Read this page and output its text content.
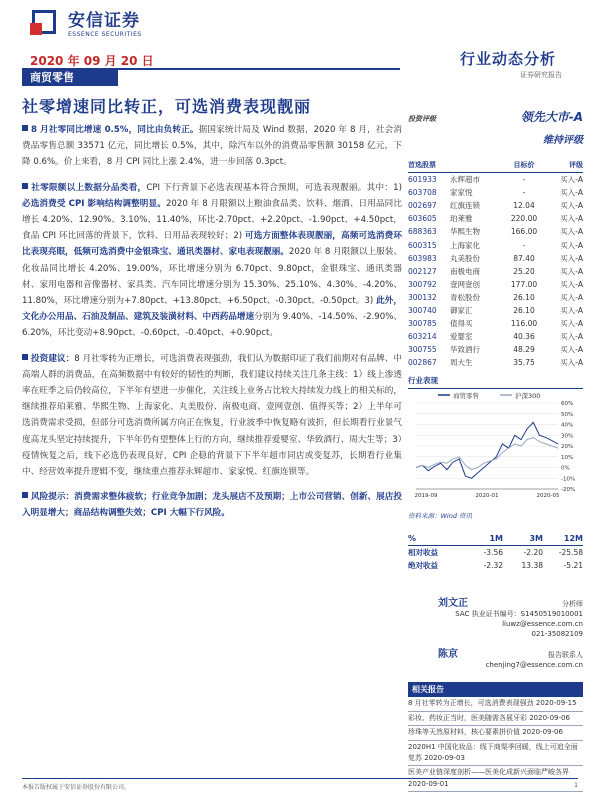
安信证券
ESSENCE SECURITIES
2020 年 09 月 20 日
商贸零售
行业动态分析
证券研究报告
社零增速同比转正，可选消费表现靓丽
8 月社零同比增速 0.5%，同比由负转正。据国家统计局及 Wind 数据，2020 年 8 月，社会消费品零售总额 33571 亿元，同比增长 0.5%，其中，除汽车以外的消费品零售额 30158 亿元，下降 0.6%。价上来看，8 月 CPI 同比上涨 2.4%，进一步回落 0.3pct。
社零限额以上数据分品类看，CPI 下行背景下必选表现基本符合预期，可选表现靓丽。其中：1) 必选消费受 CPI 影响结构调整明显。2020 年 8 月限额以上粮油食品类、饮料、烟酒、日用品同比增长 4.20%、12.90%、3.10%、11.40%，环比-2.70pct、+2.20pct、-1.90pct、+4.50pct，食品 CPI 环比回落的背景下，饮料、日用品表现较好；2) 可选方面整体表现靓丽，高频可选消费环比表现亮眼，低频可选消费中金银珠宝、通讯类器材、家电表现靓丽。2020 年 8 月限额以上服装、化妆品同比增长 4.20%、19.00%，环比增速分别为 6.70pct、9.80pct，金银珠宝、通讯类器材、家用电器和音像器材、家具类、汽车同比增速分别为 15.30%、25.10%、4.30%、-4.20%、11.80%，环比增速分别为+7.80pct、+13.80pct、+6.50pct、-0.30pct、-0.50pct。3) 此外，文化办公用品、石油及制品、建筑及装潢材料、中西药品增速分别为 9.40%、-14.50%、-2.90%、6.20%，环比变动+8.90pct、-0.60pct、-0.40pct、+0.90pct。
投资建议：8 月社零转为正增长，可选消费表现强劲，我们认为数据印证了我们前期对有品牌、中高端人群的消费品，在高频数据中有较好的韧性的判断，我们建议持续关注几条主线：1）线上渗透率在旺季之后仍较高位，下半年有望进一步催化，关注线上业务占比较大持续发力线上的相关标的，继续推荐珀莱雅、华熙生物、上海家化、丸美股份、南极电商、壹网壹创、值得买等；2）上半年可选消费需求受损，但部分可选消费所属方向正在恢复，行业波季中恢复略有波折，但长期看行业景气度高龙头坚定持续提升，下半年仍有望整体上行的方向，继续推荐爱婴室、华致酒行、周大生等；3）疫情恢复之后，线下必选仍表现良好，CPI 企稳的背景下下半年超市同店或变复苏，长期看行业集中、经营效率提升逻辑不变，继续重点推荐永辉超市、家家悦、红旗连锁等。
风险提示：消费需求整体疲软；行业竞争加剧；龙头展店不及预期；上市公司营销、创新、展店投入明显增大；商品结构调整失效；CPI 大幅下行风险。
投资评级	领先大市-A
维持评级
首选股票	目标价	评级
601933	永辉超市	-	买入-A
603708	家家悦	-	买入-A
002697	红旗连锁	12.04	买入-A
603605	珀莱雅	220.00	买入-A
688363	华熙生物	166.00	买入-A
600315	上海家化	-	买入-A
603983	丸美股份	87.40	买入-A
002127	南极电商	25.20	买入-A
300792	壹网壹创	177.00	买入-A
300132	青松股份	26.10	买入-A
300740	御家汇	26.10	买入-A
300785	值得买	116.00	买入-A
603214	爱婴室	40.36	买入-A
300755	华致酒行	48.29	买入-A
002867	周大生	35.75	买入-A
行业表现
商贸零售	沪深300
60%
50%
40%
30%
20%
10%
0%
-10%
-20%
2019-09	2020-01	2020-05
资料来源：Wind 资讯
%	1M	3M	12M
相对收益	-3.56	-2.20	-25.58
绝对收益	-2.32	13.38	-5.21
刘文正	分析师
SAC 执业证书编号：S1450519010001
liuwz@essence.com.cn
021-35082109
陈京	报告联系人
chenjing7@essence.com.cn
相关报告
8 月社零转为正增长，可选消费表现强劲 2020-09-15
彩妆、药妆正当时，医美随需各展牙彩 2020-09-06
珍珠等天然原材料，核心要素拼价值 2020-09-06
2020H1 中国化妆品：线下商渠季回暖，线上可追全面复苏 2020-09-03
医美产业链深度剖析——医美化成新兴面临严峻各界 2020-09-01
本报告版权属于安信证券股份有限公司。	1
